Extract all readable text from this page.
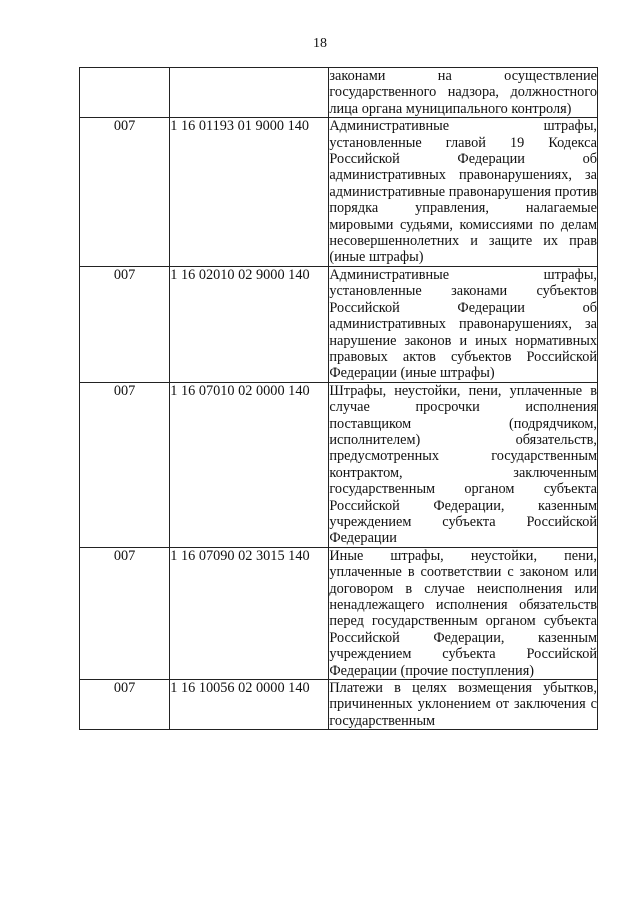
18

		законами на осуществление государственного надзора, должностного лица органа муниципального контроля)

007	1 16 01193 01 9000 140	Административные штрафы, установленные главой 19 Кодекса Российской Федерации об административных правонарушениях, за административные правонарушения против порядка управления, налагаемые мировыми судьями, комиссиями по делам несовершеннолетних и защите их прав (иные штрафы)

007	1 16 02010 02 9000 140	Административные штрафы, установленные законами субъектов Российской Федерации об административных правонарушениях, за нарушение законов и иных нормативных правовых актов субъектов Российской Федерации (иные штрафы)

007	1 16 07010 02 0000 140	Штрафы, неустойки, пени, уплаченные в случае просрочки исполнения поставщиком (подрядчиком, исполнителем) обязательств, предусмотренных государственным контрактом, заключенным государственным органом субъекта Российской Федерации, казенным учреждением субъекта Российской Федерации

007	1 16 07090 02 3015 140	Иные штрафы, неустойки, пени, уплаченные в соответствии с законом или договором в случае неисполнения или ненадлежащего исполнения обязательств перед государственным органом субъекта Российской Федерации, казенным учреждением субъекта Российской Федерации (прочие поступления)

007	1 16 10056 02 0000 140	Платежи в целях возмещения убытков, причиненных уклонением от заключения с государственным
